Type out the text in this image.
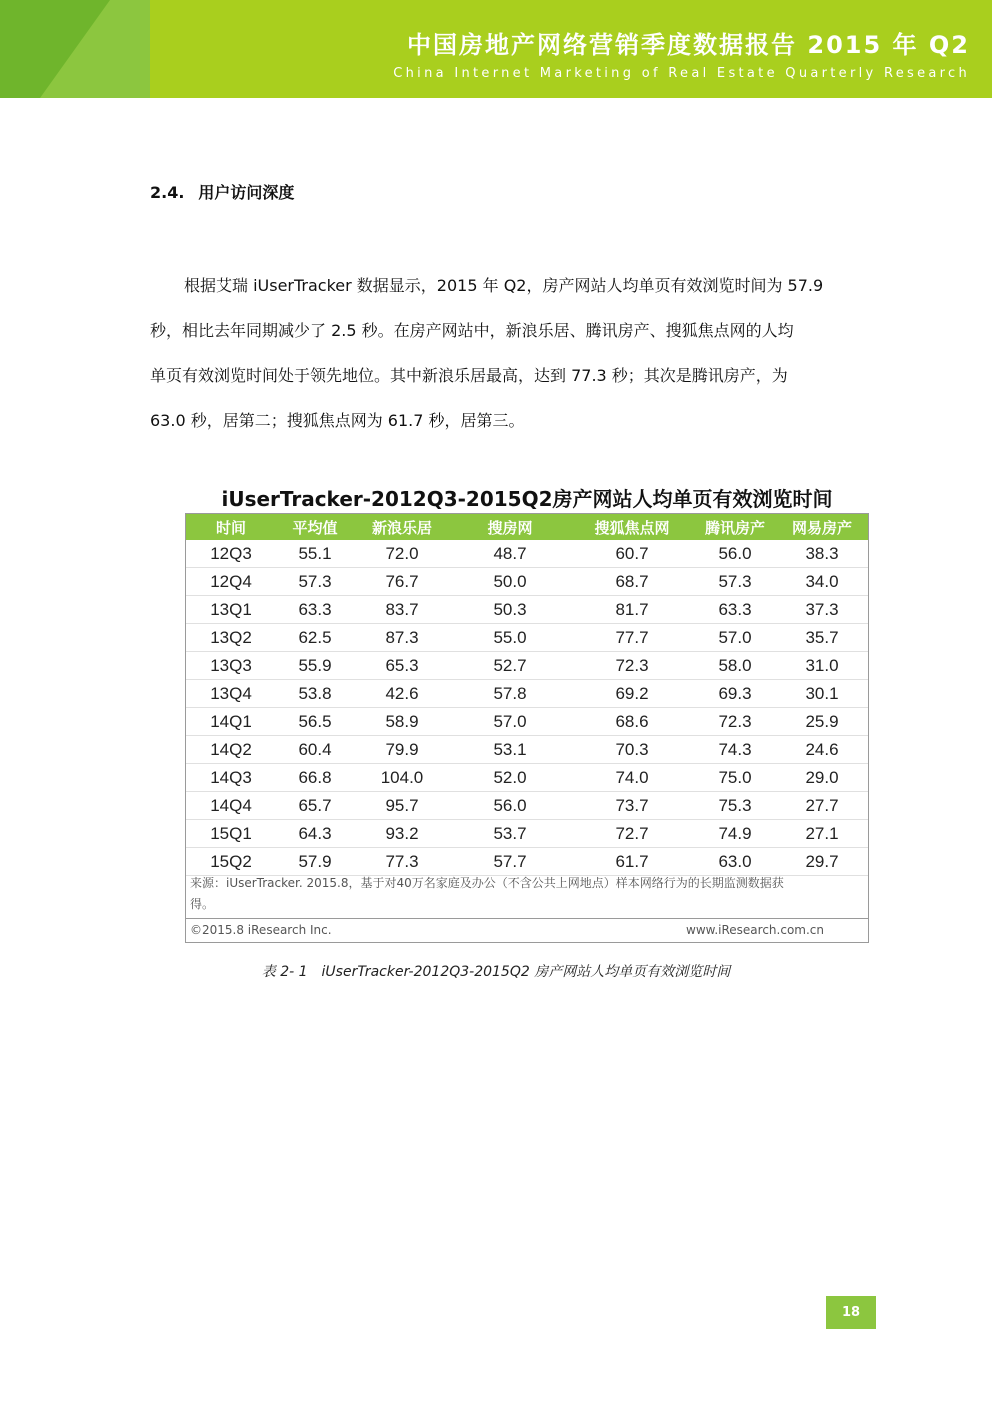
中国房地产网络营销季度数据报告 2015 年 Q2
China Internet Marketing of Real Estate Quarterly Research
2.4. 用户访问深度
根据艾瑞 iUserTracker 数据显示，2015 年 Q2，房产网站人均单页有效浏览时间为 57.9
秒，相比去年同期减少了 2.5 秒。在房产网站中，新浪乐居、腾讯房产、搜狐焦点网的人均
单页有效浏览时间处于领先地位。其中新浪乐居最高，达到 77.3 秒；其次是腾讯房产，为
63.0 秒，居第二；搜狐焦点网为 61.7 秒，居第三。
iUserTracker-2012Q3-2015Q2房产网站人均单页有效浏览时间
时间	平均值	新浪乐居	搜房网	搜狐焦点网	腾讯房产	网易房产
12Q3	55.1	72.0	48.7	60.7	56.0	38.3
12Q4	57.3	76.7	50.0	68.7	57.3	34.0
13Q1	63.3	83.7	50.3	81.7	63.3	37.3
13Q2	62.5	87.3	55.0	77.7	57.0	35.7
13Q3	55.9	65.3	52.7	72.3	58.0	31.0
13Q4	53.8	42.6	57.8	69.2	69.3	30.1
14Q1	56.5	58.9	57.0	68.6	72.3	25.9
14Q2	60.4	79.9	53.1	70.3	74.3	24.6
14Q3	66.8	104.0	52.0	74.0	75.0	29.0
14Q4	65.7	95.7	56.0	73.7	75.3	27.7
15Q1	64.3	93.2	53.7	72.7	74.9	27.1
15Q2	57.9	77.3	57.7	61.7	63.0	29.7
来源：iUserTracker. 2015.8，基于对40万名家庭及办公（不含公共上网地点）样本网络行为的长期监测数据获
得。
©2015.8 iResearch Inc.	www.iResearch.com.cn
表 2- 1 iUserTracker-2012Q3-2015Q2 房产网站人均单页有效浏览时间
18
